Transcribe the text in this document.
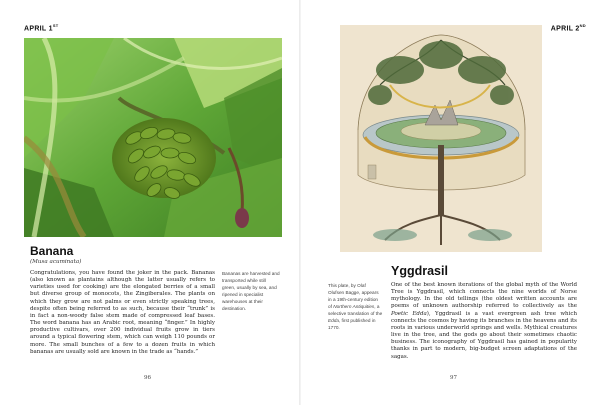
APRIL 1ST
Banana
(Musa acuminata)
Congratulations, you have found the joker in the pack. Bananas (also known as plantains although the latter usually refers to varieties used for cooking) are the elongated berries of a small but diverse group of monocots, the Zingiberales. The plants on which they grow are not palms or even strictly speaking trees, despite often being referred to as such, because their “trunk” is in fact a non-woody false stem made of compressed leaf bases. The word banana has an Arabic root, meaning “finger.” In highly productive cultivars, over 200 individual fruits grow in tiers around a typical flowering stem, which can weigh 110 pounds or more. The small bunches of a few to a dozen fruits in which bananas are usually sold are known in the trade as “hands.”
Bananas are harvested and transported while still green, usually by sea, and ripened in specialist warehouses at their destination.
96
APRIL 2ND
Yggdrasil
One of the best known iterations of the global myth of the World Tree is Yggdrasil, which connects the nine worlds of Norse mythology. In the old tellings (the oldest written accounts are poems of unknown authorship referred to collectively as the Poetic Edda), Yggdrasil is a vast evergreen ash tree which connects the cosmos by having its branches in the heavens and its roots in various underworld springs and wells. Mythical creatures live in the tree, and the gods go about their sometimes chaotic business. The iconography of Yggdrasil has gained in popularity thanks in part to modern, big-budget screen adaptations of the sagas.
This plate, by Olaf Olufsen Bagge, appears in a 19th-century edition of Northern Antiquities, a selective translation of the Edda, first published in 1770.
97
